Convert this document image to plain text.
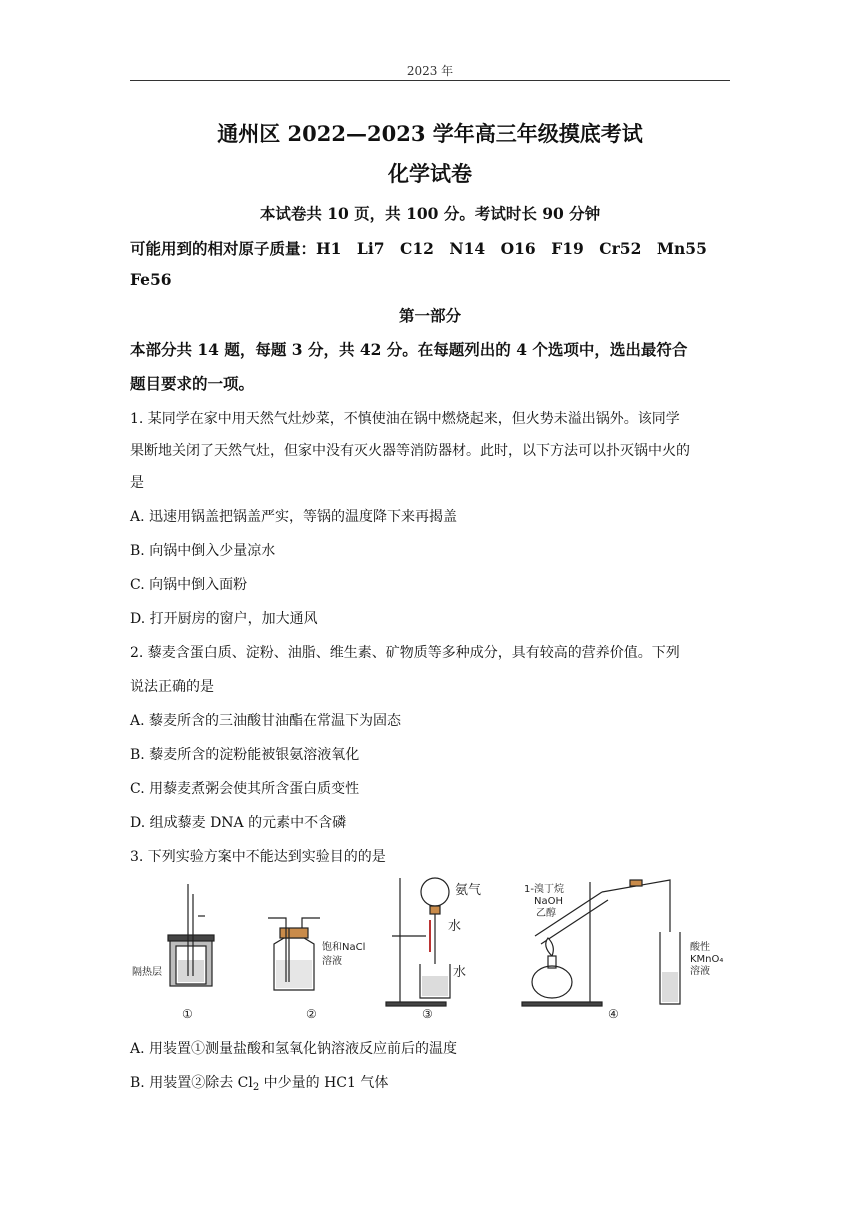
2023 年
通州区 2022—2023 学年高三年级摸底考试
化学试卷
本试卷共 10 页，共 100 分。考试时长 90 分钟
可能用到的相对原子质量：H1　Li7　C12　N14　O16　F19　Cr52　Mn55
Fe56
第一部分
本部分共 14 题，每题 3 分，共 42 分。在每题列出的 4 个选项中，选出最符合
题目要求的一项。
1. 某同学在家中用天然气灶炒菜，不慎使油在锅中燃烧起来，但火势未溢出锅外。该同学
果断地关闭了天然气灶，但家中没有灭火器等消防器材。此时，以下方法可以扑灭锅中火的
是
A. 迅速用锅盖把锅盖严实，等锅的温度降下来再揭盖
B. 向锅中倒入少量凉水
C. 向锅中倒入面粉
D. 打开厨房的窗户，加大通风
2. 藜麦含蛋白质、淀粉、油脂、维生素、矿物质等多种成分，具有较高的营养价值。下列
说法正确的是
A. 藜麦所含的三油酸甘油酯在常温下为固态
B. 藜麦所含的淀粉能被银氨溶液氧化
C. 用藜麦煮粥会使其所含蛋白质变性
D. 组成藜麦 DNA 的元素中不含磷
3. 下列实验方案中不能达到实验目的的是
隔热层
饱和NaCl
溶液
氨气
水
水
1-溴丁烷
NaOH
乙醇
酸性
KMnO₄
溶液
①	②	③	④
A. 用装置①测量盐酸和氢氧化钠溶液反应前后的温度
B. 用装置②除去 $Cl_2$ 中少量的 HC1 气体
